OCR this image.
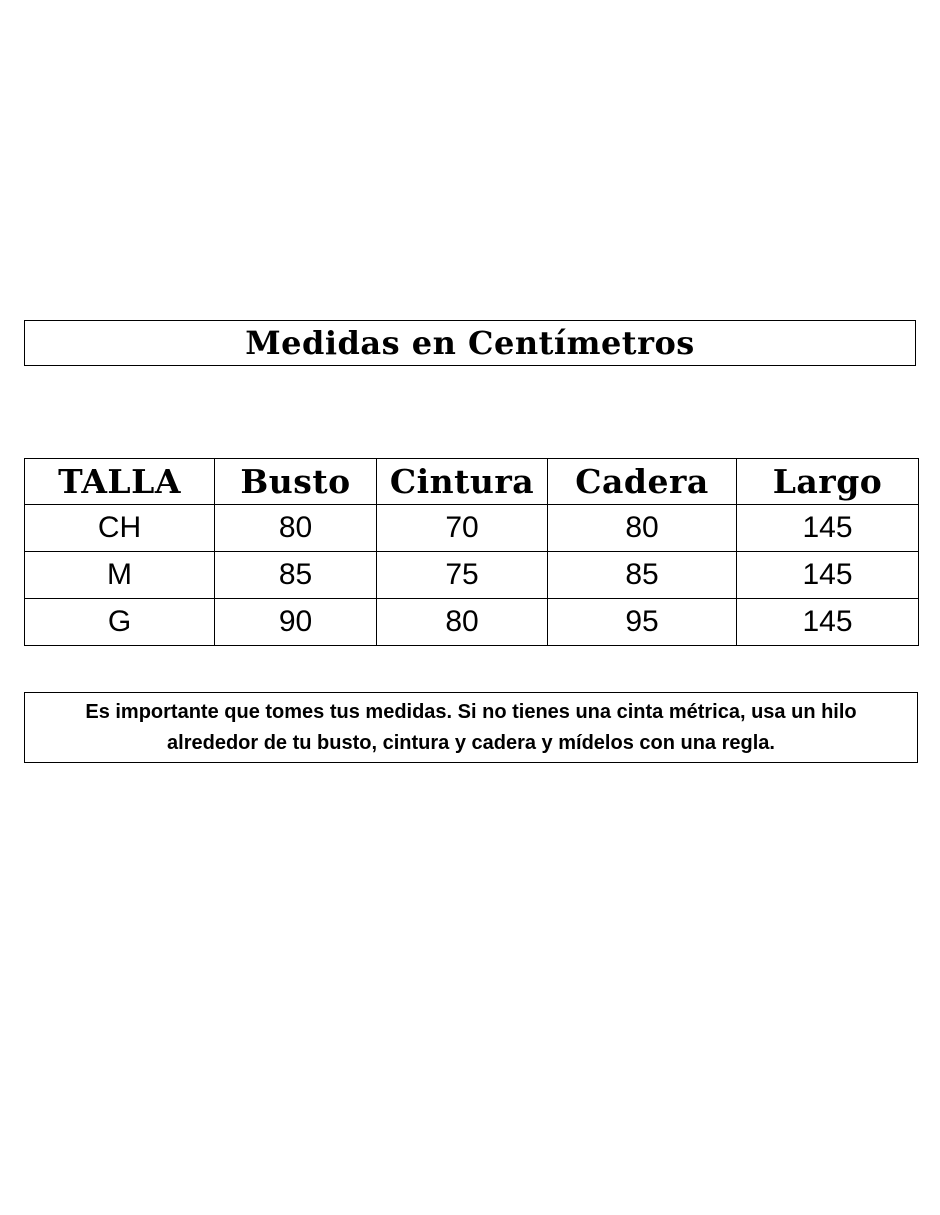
Medidas en Centímetros
TALLA	Busto	Cintura	Cadera	Largo
CH	80	70	80	145
M	85	75	85	145
G	90	80	95	145
Es importante que tomes tus medidas. Si no tienes una cinta métrica, usa un hilo
alrededor de tu busto, cintura y cadera y mídelos con una regla.
